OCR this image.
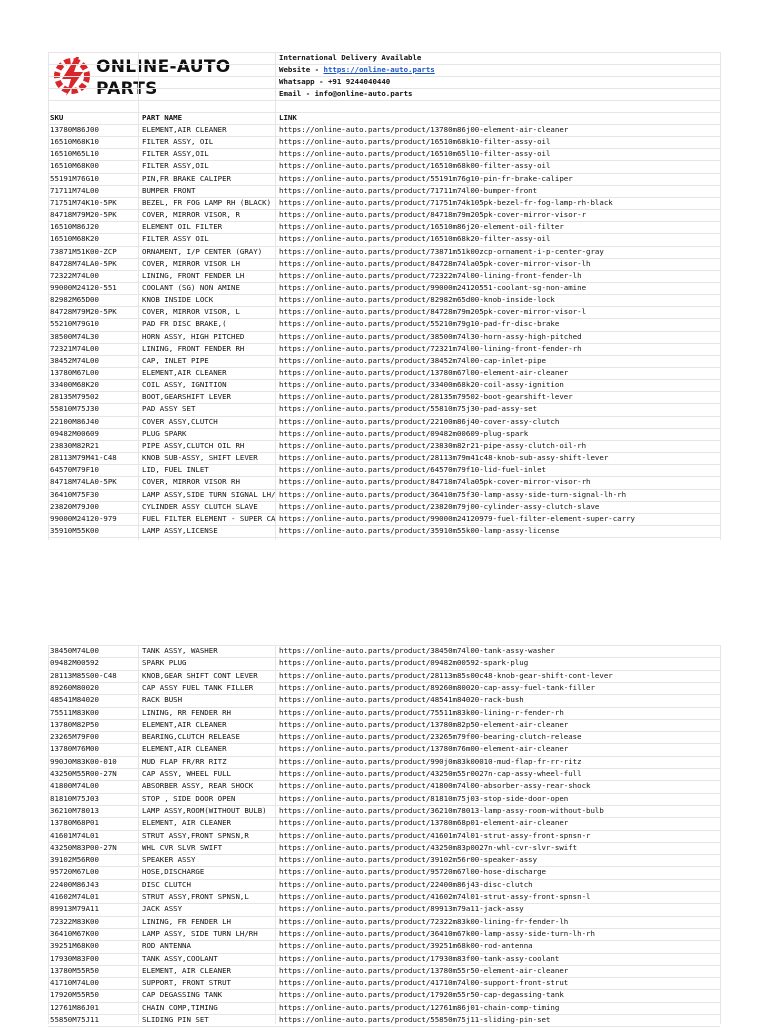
ONLINE-AUTO
PARTS
International Delivery Available
Website - https://online-auto.parts
Whatsapp - +91 9244040440
Email - info@online-auto.parts
SKU	PART NAME	LINK
13780M86J00	ELEMENT,AIR CLEANER	https://online-auto.parts/product/13780m86j00-element-air-cleaner
16510M68K10	FILTER ASSY, OIL	https://online-auto.parts/product/16510m68k10-filter-assy-oil
16510M65L10	FILTER ASSY,OIL	https://online-auto.parts/product/16510m65l10-filter-assy-oil
16510M68K00	FILTER ASSY,OIL	https://online-auto.parts/product/16510m68k00-filter-assy-oil
55191M76G10	PIN,FR BRAKE CALIPER	https://online-auto.parts/product/55191m76g10-pin-fr-brake-caliper
71711M74L00	BUMPER FRONT	https://online-auto.parts/product/71711m74l00-bumper-front
71751M74K10-5PK	BEZEL, FR FOG LAMP RH (BLACK)	https://online-auto.parts/product/71751m74k105pk-bezel-fr-fog-lamp-rh-black
84718M79M20-5PK	COVER, MIRROR VISOR, R	https://online-auto.parts/product/84718m79m205pk-cover-mirror-visor-r
16510M86J20	ELEMENT OIL FILTER	https://online-auto.parts/product/16510m86j20-element-oil-filter
16510M68K20	FILTER ASSY OIL	https://online-auto.parts/product/16510m68k20-filter-assy-oil
73871M51K00-ZCP	ORNAMENT, I/P CENTER (GRAY)	https://online-auto.parts/product/73871m51k00zcp-ornament-i-p-center-gray
84728M74LA0-5PK	COVER, MIRROR VISOR LH	https://online-auto.parts/product/84728m74la05pk-cover-mirror-visor-lh
72322M74L00	LINING, FRONT FENDER LH	https://online-auto.parts/product/72322m74l00-lining-front-fender-lh
99000M24120-551	COOLANT (SG) NON AMINE	https://online-auto.parts/product/99000m24120551-coolant-sg-non-amine
82982M65D00	KNOB INSIDE LOCK	https://online-auto.parts/product/82982m65d00-knob-inside-lock
84728M79M20-5PK	COVER, MIRROR VISOR, L	https://online-auto.parts/product/84728m79m205pk-cover-mirror-visor-l
55210M79G10	PAD FR DISC BRAKE,(	https://online-auto.parts/product/55210m79g10-pad-fr-disc-brake
38500M74L30	HORN ASSY, HIGH PITCHED	https://online-auto.parts/product/38500m74l30-horn-assy-high-pitched
72321M74L00	LINING, FRONT FENDER RH	https://online-auto.parts/product/72321m74l00-lining-front-fender-rh
38452M74L00	CAP, INLET PIPE	https://online-auto.parts/product/38452m74l00-cap-inlet-pipe
13780M67L00	ELEMENT,AIR CLEANER	https://online-auto.parts/product/13780m67l00-element-air-cleaner
33400M68K20	COIL ASSY, IGNITION	https://online-auto.parts/product/33400m68k20-coil-assy-ignition
28135M79502	BOOT,GEARSHIFT LEVER	https://online-auto.parts/product/28135m79502-boot-gearshift-lever
55810M75J30	PAD ASSY SET	https://online-auto.parts/product/55810m75j30-pad-assy-set
22100M86J40	COVER ASSY,CLUTCH	https://online-auto.parts/product/22100m86j40-cover-assy-clutch
09482M00609	PLUG SPARK	https://online-auto.parts/product/09482m00609-plug-spark
23830M82R21	PIPE ASSY,CLUTCH OIL RH	https://online-auto.parts/product/23830m82r21-pipe-assy-clutch-oil-rh
28113M79M41-C48	KNOB SUB-ASSY, SHIFT LEVER	https://online-auto.parts/product/28113m79m41c48-knob-sub-assy-shift-lever
64570M79F10	LID, FUEL INLET	https://online-auto.parts/product/64570m79f10-lid-fuel-inlet
84718M74LA0-5PK	COVER, MIRROR VISOR RH	https://online-auto.parts/product/84718m74la05pk-cover-mirror-visor-rh
36410M75F30	LAMP ASSY,SIDE TURN SIGNAL LH/ https://online-auto.parts/product/36410m75f30-lamp-assy-side-turn-signal-lh-rh
23820M79J00	CYLINDER ASSY CLUTCH SLAVE	https://online-auto.parts/product/23820m79j00-cylinder-assy-clutch-slave
99000M24120-979	FUEL FILTER ELEMENT - SUPER CA https://online-auto.parts/product/99000m24120979-fuel-filter-element-super-carry
35910M55K00	LAMP ASSY,LICENSE	https://online-auto.parts/product/35910m55k00-lamp-assy-license
38450M74L00	TANK ASSY, WASHER	https://online-auto.parts/product/38450m74l00-tank-assy-washer
09482M00592	SPARK PLUG	https://online-auto.parts/product/09482m00592-spark-plug
28113M85S00-C48	KNOB,GEAR SHIFT CONT LEVER	https://online-auto.parts/product/28113m85s00c48-knob-gear-shift-cont-lever
89260M80020	CAP ASSY FUEL TANK FILLER	https://online-auto.parts/product/89260m80020-cap-assy-fuel-tank-filler
48541M84020	RACK BUSH	https://online-auto.parts/product/48541m84020-rack-bush
75511M83K00	LINING, RR FENDER RH	https://online-auto.parts/product/75511m83k00-lining-r-fender-rh
13780M82P50	ELEMENT,AIR CLEANER	https://online-auto.parts/product/13780m82p50-element-air-cleaner
23265M79F00	BEARING,CLUTCH RELEASE	https://online-auto.parts/product/23265m79f00-bearing-clutch-release
13780M76M00	ELEMENT,AIR CLEANER	https://online-auto.parts/product/13780m76m00-element-air-cleaner
990J0M83K00-010	MUD FLAP FR/RR RITZ	https://online-auto.parts/product/990j0m83k00010-mud-flap-fr-rr-ritz
43250M55R00-27N	CAP ASSY, WHEEL FULL	https://online-auto.parts/product/43250m55r0027n-cap-assy-wheel-full
41800M74L00	ABSORBER ASSY, REAR SHOCK	https://online-auto.parts/product/41800m74l00-absorber-assy-rear-shock
81810M75J03	STOP , SIDE DOOR OPEN	https://online-auto.parts/product/81810m75j03-stop-side-door-open
36210M78013	LAMP ASSY,ROOM(WITHOUT BULB)	https://online-auto.parts/product/36210m78013-lamp-assy-room-without-bulb
13780M68P01	ELEMENT, AIR CLEANER	https://online-auto.parts/product/13780m68p01-element-air-cleaner
41601M74L01	STRUT ASSY,FRONT SPNSN,R	https://online-auto.parts/product/41601m74l01-strut-assy-front-spnsn-r
43250M83P00-27N	WHL CVR SLVR SWIFT	https://online-auto.parts/product/43250m83p0027n-whl-cvr-slvr-swift
39102M56R00	SPEAKER ASSY	https://online-auto.parts/product/39102m56r00-speaker-assy
95720M67L00	HOSE,DISCHARGE	https://online-auto.parts/product/95720m67l00-hose-discharge
22400M86J43	DISC CLUTCH	https://online-auto.parts/product/22400m86j43-disc-clutch
41602M74L01	STRUT ASSY,FRONT SPNSN,L	https://online-auto.parts/product/41602m74l01-strut-assy-front-spnsn-l
89913M79A11	JACK ASSY	https://online-auto.parts/product/89913m79a11-jack-assy
72322M83K00	LINING, FR FENDER LH	https://online-auto.parts/product/72322m83k00-lining-fr-fender-lh
36410M67K00	LAMP ASSY, SIDE TURN LH/RH	https://online-auto.parts/product/36410m67k00-lamp-assy-side-turn-lh-rh
39251M68K00	ROD ANTENNA	https://online-auto.parts/product/39251m68k00-rod-antenna
17930M83F00	TANK ASSY,COOLANT	https://online-auto.parts/product/17930m83f00-tank-assy-coolant
13780M55R50	ELEMENT, AIR CLEANER	https://online-auto.parts/product/13780m55r50-element-air-cleaner
41710M74L00	SUPPORT, FRONT STRUT	https://online-auto.parts/product/41710m74l00-support-front-strut
17920M55R50	CAP DEGASSING TANK	https://online-auto.parts/product/17920m55r50-cap-degassing-tank
12761M86J01	CHAIN COMP,TIMING	https://online-auto.parts/product/12761m86j01-chain-comp-timing
55850M75J11	SLIDING PIN SET	https://online-auto.parts/product/55850m75j11-sliding-pin-set
